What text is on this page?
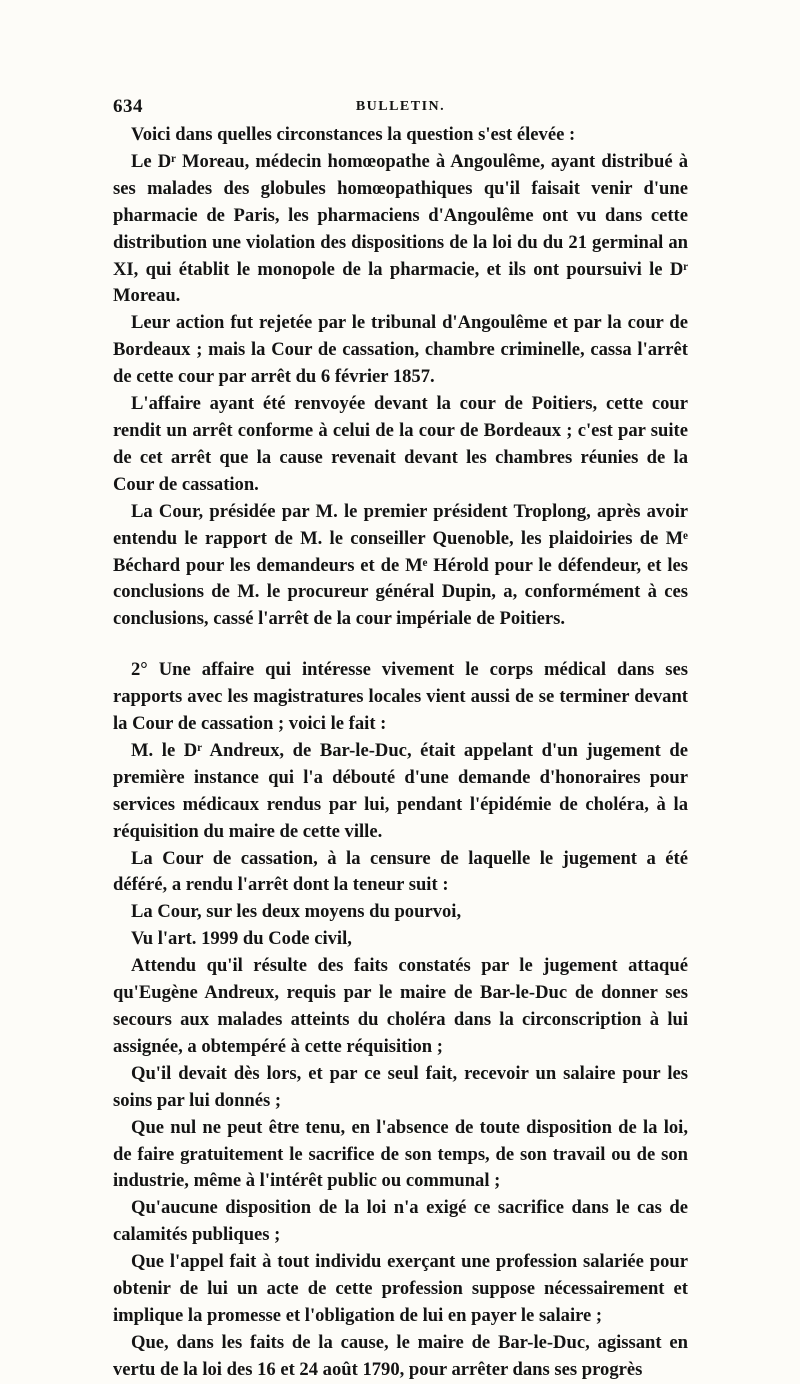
634	BULLETIN.

Voici dans quelles circonstances la question s'est élevée :

Le Dʳ Moreau, médecin homœopathe à Angoulême, ayant distribué à ses malades des globules homœopathiques qu'il faisait venir d'une pharmacie de Paris, les pharmaciens d'Angoulême ont vu dans cette distribution une violation des dispositions de la loi du du 21 germinal an XI, qui établit le monopole de la pharmacie, et ils ont poursuivi le Dʳ Moreau.

Leur action fut rejetée par le tribunal d'Angoulême et par la cour de Bordeaux ; mais la Cour de cassation, chambre criminelle, cassa l'arrêt de cette cour par arrêt du 6 février 1857.

L'affaire ayant été renvoyée devant la cour de Poitiers, cette cour rendit un arrêt conforme à celui de la cour de Bordeaux ; c'est par suite de cet arrêt que la cause revenait devant les chambres réunies de la Cour de cassation.

La Cour, présidée par M. le premier président Troplong, après avoir entendu le rapport de M. le conseiller Quenoble, les plaidoiries de Mᵉ Béchard pour les demandeurs et de Mᵉ Hérold pour le défendeur, et les conclusions de M. le procureur général Dupin, a, conformément à ces conclusions, cassé l'arrêt de la cour impériale de Poitiers.

2° Une affaire qui intéresse vivement le corps médical dans ses rapports avec les magistratures locales vient aussi de se terminer devant la Cour de cassation ; voici le fait :

M. le Dʳ Andreux, de Bar-le-Duc, était appelant d'un jugement de première instance qui l'a débouté d'une demande d'honoraires pour services médicaux rendus par lui, pendant l'épidémie de choléra, à la réquisition du maire de cette ville.

La Cour de cassation, à la censure de laquelle le jugement a été déféré, a rendu l'arrêt dont la teneur suit :

La Cour, sur les deux moyens du pourvoi,

Vu l'art. 1999 du Code civil,

Attendu qu'il résulte des faits constatés par le jugement attaqué qu'Eugène Andreux, requis par le maire de Bar-le-Duc de donner ses secours aux malades atteints du choléra dans la circonscription à lui assignée, a obtempéré à cette réquisition ;

Qu'il devait dès lors, et par ce seul fait, recevoir un salaire pour les soins par lui donnés ;

Que nul ne peut être tenu, en l'absence de toute disposition de la loi, de faire gratuitement le sacrifice de son temps, de son travail ou de son industrie, même à l'intérêt public ou communal ;

Qu'aucune disposition de la loi n'a exigé ce sacrifice dans le cas de calamités publiques ;

Que l'appel fait à tout individu exerçant une profession salariée pour obtenir de lui un acte de cette profession suppose nécessairement et implique la promesse et l'obligation de lui en payer le salaire ;

Que, dans les faits de la cause, le maire de Bar-le-Duc, agissant en vertu de la loi des 16 et 24 août 1790, pour arrêter dans ses progrès
